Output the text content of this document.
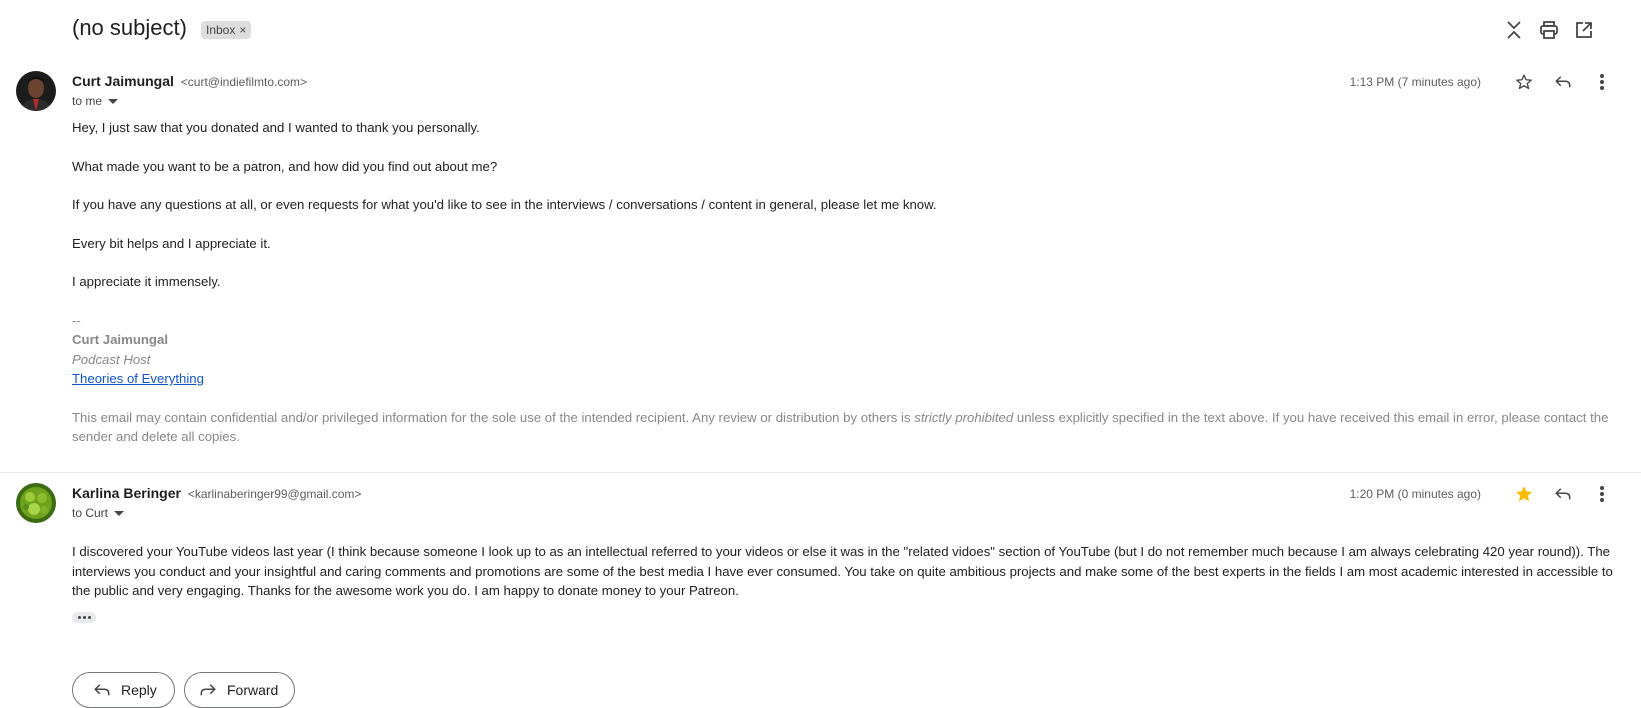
(no subject) Inbox ×
Curt Jaimungal <curt@indiefilmto.com>
to me
1:13 PM (7 minutes ago)

Hey, I just saw that you donated and I wanted to thank you personally.

What made you want to be a patron, and how did you find out about me?

If you have any questions at all, or even requests for what you'd like to see in the interviews / conversations / content in general, please let me know.

Every bit helps and I appreciate it.

I appreciate it immensely.

--

Curt Jaimungal

Podcast Host

Theories of Everything

This email may contain confidential and/or privileged information for the sole use of the intended recipient. Any review or distribution by others is strictly prohibited unless explicitly specified in the text above. If you have received this email in error, please contact the sender and delete all copies.

Karlina Beringer <karlinaberinger99@gmail.com>
to Curt
1:20 PM (0 minutes ago)

I discovered your YouTube videos last year (I think because someone I look up to as an intellectual referred to your videos or else it was in the "related vidoes" section of YouTube (but I do not remember much because I am always celebrating 420 year round)). The interviews you conduct and your insightful and caring comments and promotions are some of the best media I have ever consumed. You take on quite ambitious projects and make some of the best experts in the fields I am most academic interested in accessible to the public and very engaging. Thanks for the awesome work you do. I am happy to donate money to your Patreon.

Reply	Forward
